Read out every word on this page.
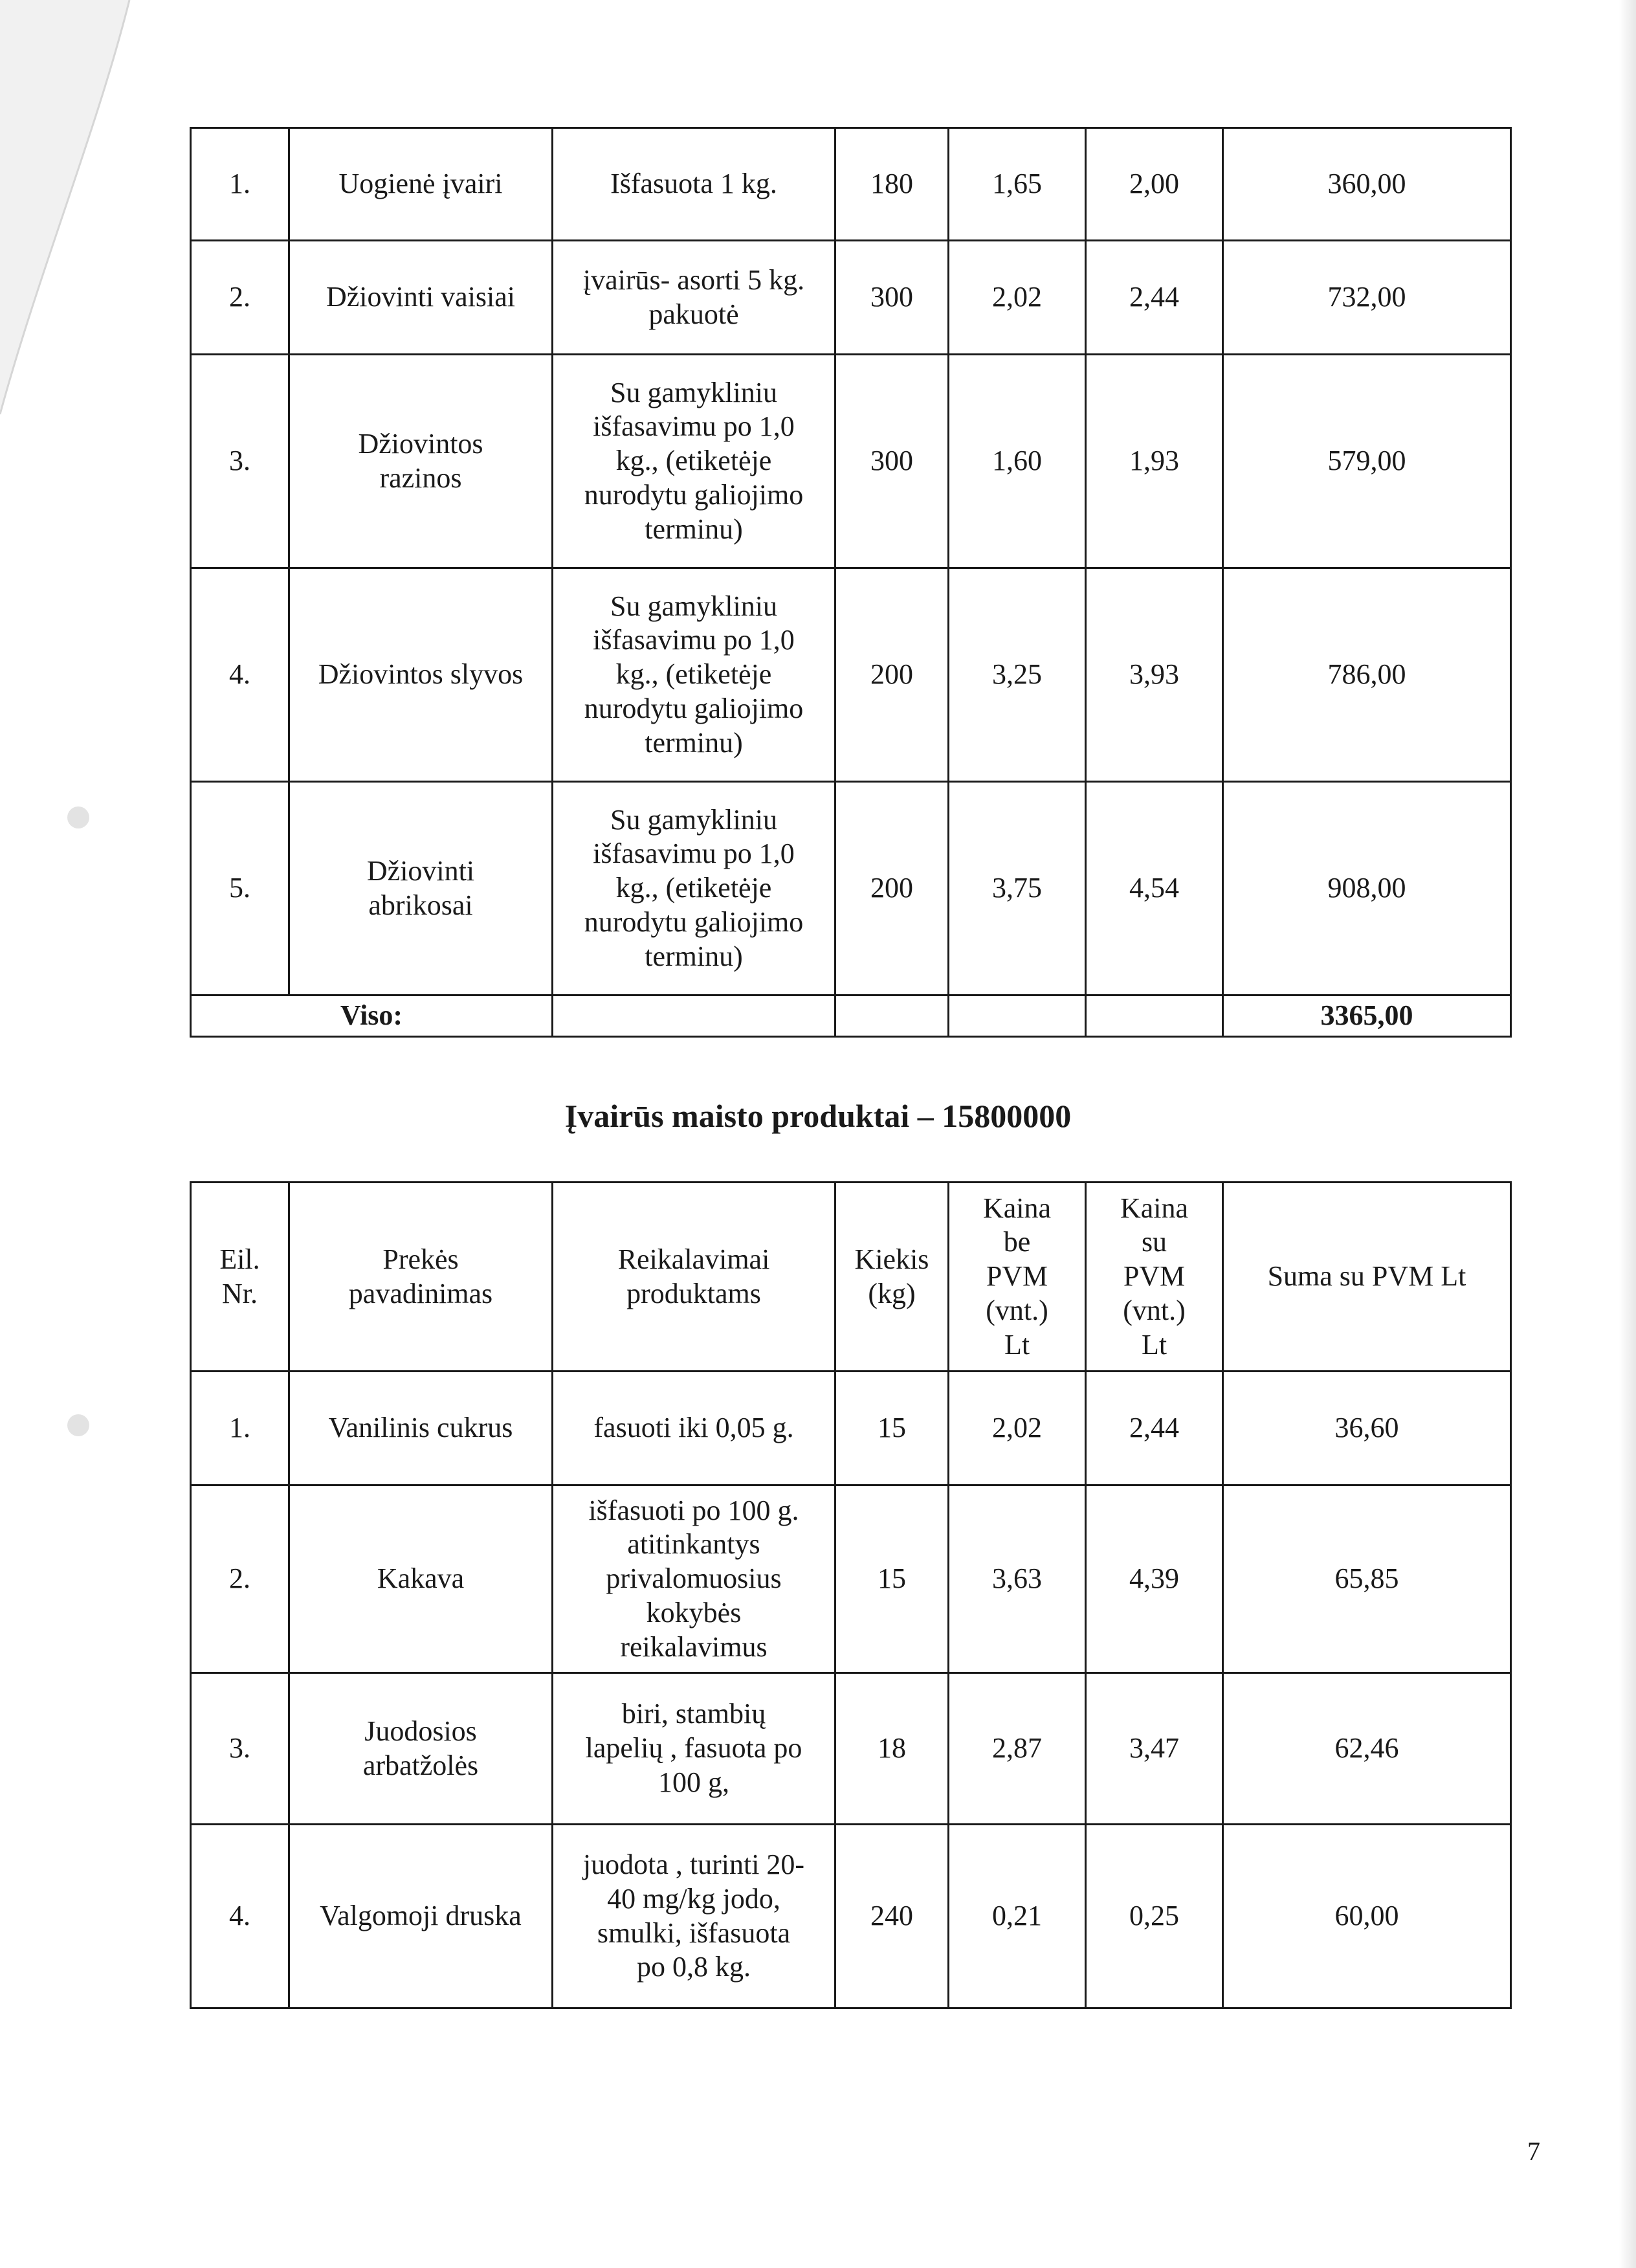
1.	Uogienė įvairi	Išfasuota 1 kg.	180	1,65	2,00	360,00
2.	Džiovinti vaisiai	įvairūs- asorti 5 kg.
pakuotė	300	2,02	2,44	732,00
3.	Džiovintos
razinos	Su gamykliniu
išfasavimu po 1,0
kg., (etiketėje
nurodytu galiojimo
terminu)	300	1,60	1,93	579,00
4.	Džiovintos slyvos	Su gamykliniu
išfasavimu po 1,0
kg., (etiketėje
nurodytu galiojimo
terminu)	200	3,25	3,93	786,00
5.	Džiovinti
abrikosai	Su gamykliniu
išfasavimu po 1,0
kg., (etiketėje
nurodytu galiojimo
terminu)	200	3,75	4,54	908,00
Viso:						3365,00
Įvairūs maisto produktai – 15800000
Eil.
Nr.	Prekės
pavadinimas	Reikalavimai
produktams	Kiekis
(kg)	Kaina
be
PVM
(vnt.)
Lt	Kaina
su
PVM
(vnt.)
Lt	Suma su PVM Lt
1.	Vanilinis cukrus	fasuoti iki 0,05 g.	15	2,02	2,44	36,60
2.	Kakava	išfasuoti po 100 g.
atitinkantys
privalomuosius
kokybės
reikalavimus	15	3,63	4,39	65,85
3.	Juodosios
arbatžolės	biri, stambių
lapelių , fasuota po
100 g,	18	2,87	3,47	62,46
4.	Valgomoji druska	juodota , turinti 20-
40 mg/kg jodo,
smulki, išfasuota
po 0,8 kg.	240	0,21	0,25	60,00
7
